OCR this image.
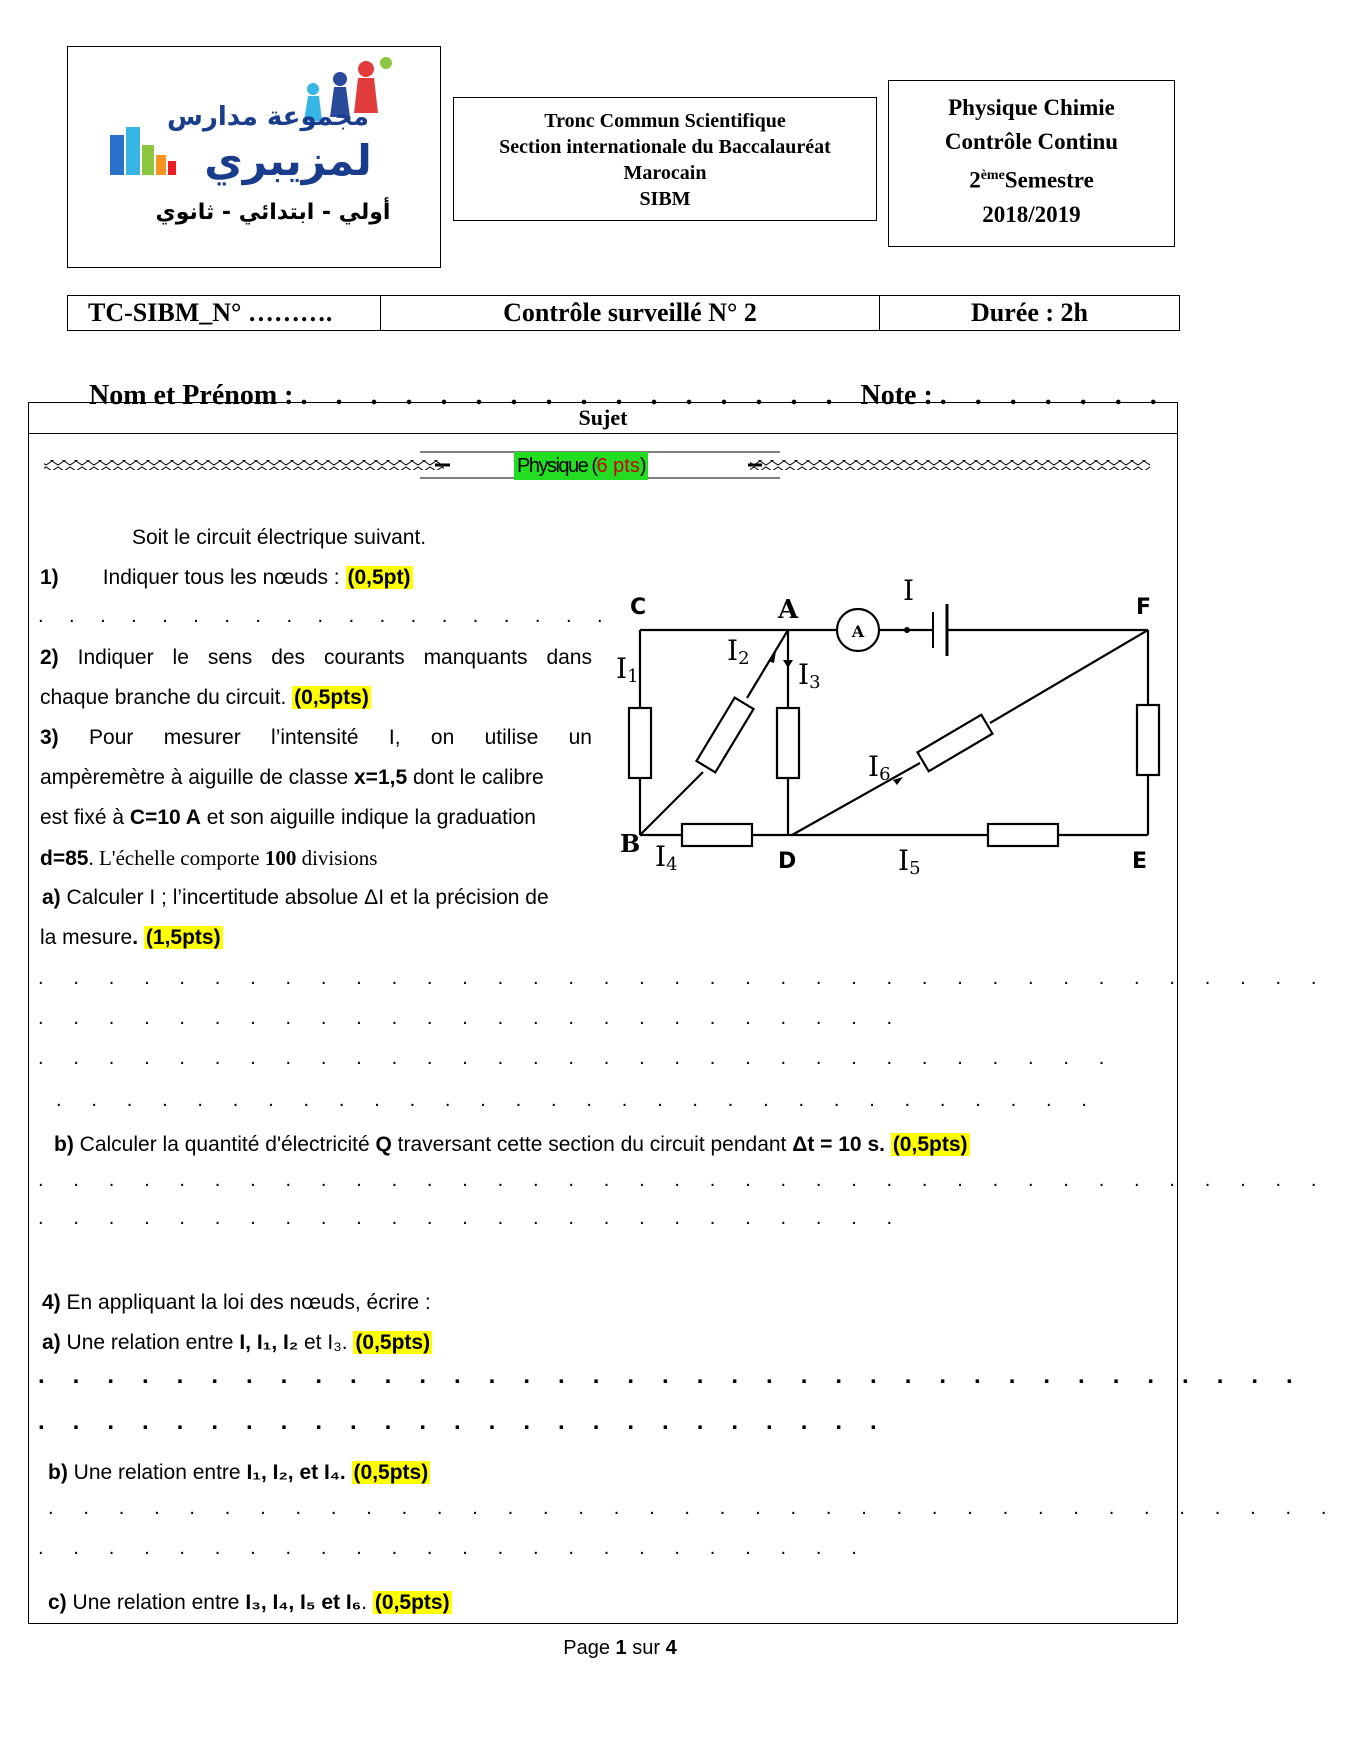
مجموعة مدارس
لمزيبري
أولي - ابتدائي - ثانوي
Tronc Commun Scientifique
Section internationale du Baccalauréat
Marocain
SIBM
Physique Chimie
Contrôle Continu
2èmeSemestre
2018/2019
TC-SIBM_N° ……….	Contrôle surveillé N° 2	Durée : 2h

Nom et Prénom : .    .    .    .    .    .    .    .    .    .    .    .    .    .    .    .    Note : .    .    .    .    .    .    .

Sujet
Physique (6 pts)
Soit le circuit électrique suivant.
1) Indiquer tous les nœuds : (0,5pt)
...................
2) Indiquer le sens des courants manquants dans
chaque branche du circuit. (0,5pts)
3) Pour mesurer l’intensité I, on utilise un
ampèremètre à aiguille de classe x=1,5 dont le calibre
est fixé à C=10 A et son aiguille indique la graduation
d=85. L'échelle comporte 100 divisions
a) Calculer I ; l’incertitude absolue ΔI et la précision de
la mesure. (1,5pts)
.....................................
.........................
...............................
..............................
b) Calculer la quantité d'électricité Q traversant cette section du circuit pendant Δt = 10 s. (0,5pts)
.....................................
.........................
4) En appliquant la loi des nœuds, écrire :
a) Une relation entre I, I₁, I₂ et I₃. (0,5pts)
.....................................
.........................
b) Une relation entre I₁, I₂, et I₄. (0,5pts)
.....................................
........................
c) Une relation entre I₃, I₄, I₅ et I₆. (0,5pts)
A
C	A	F
B
D	E
I
I1
I2 I3
I4	I5
I6
Page 1 sur 4
